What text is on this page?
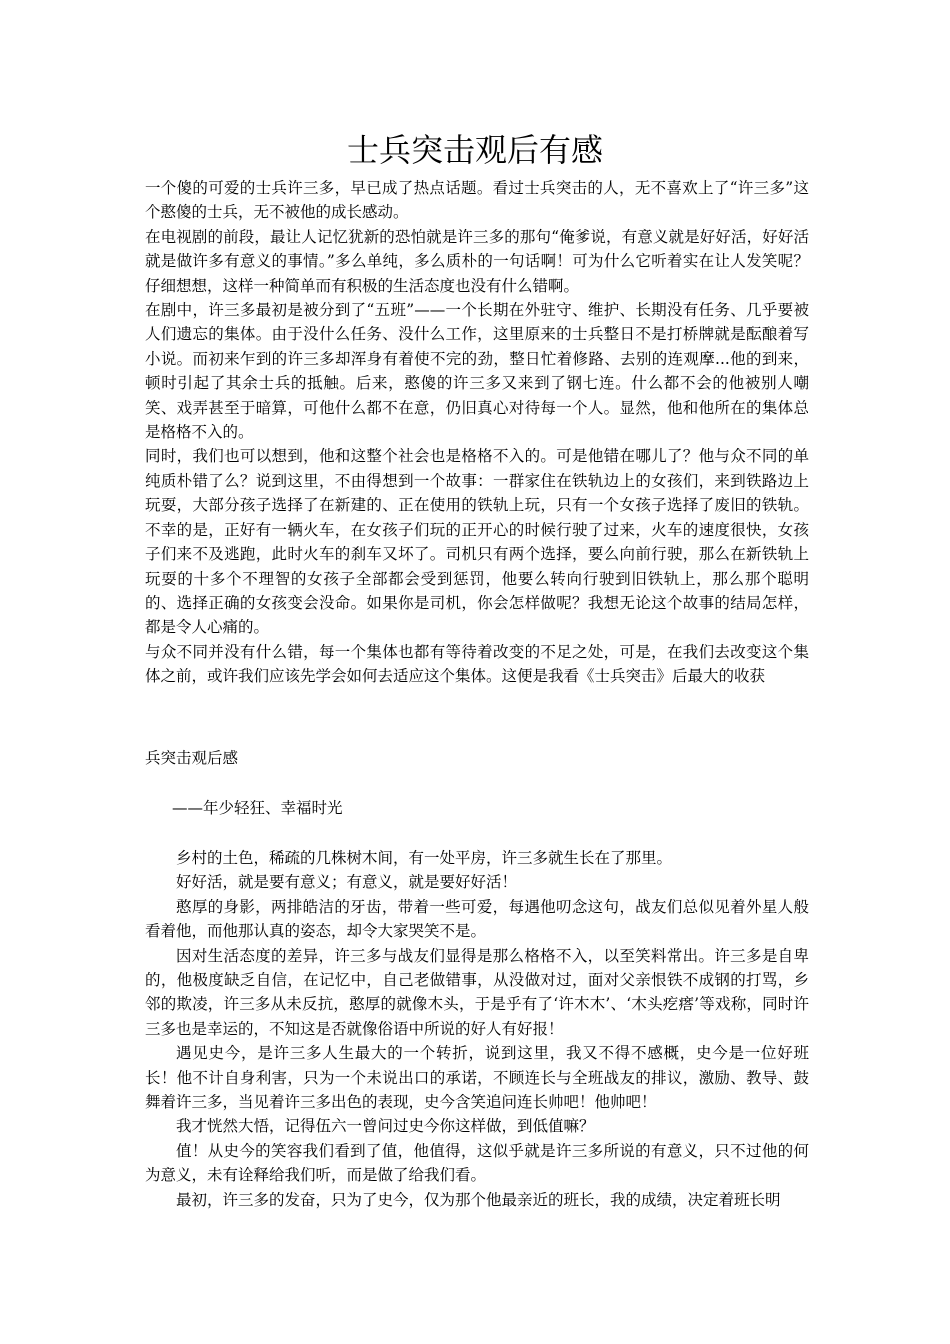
士兵突击观后有感

一个傻的可爱的士兵许三多，早已成了热点话题。看过士兵突击的人，无不喜欢上了“许三多”这个憨傻的士兵，无不被他的成长感动。

在电视剧的前段，最让人记忆犹新的恐怕就是许三多的那句“俺爹说，有意义就是好好活，好好活就是做许多有意义的事情。”多么单纯，多么质朴的一句话啊！可为什么它听着实在让人发笑呢？仔细想想，这样一种简单而有积极的生活态度也没有什么错啊。

在剧中，许三多最初是被分到了“五班”——一个长期在外驻守、维护、长期没有任务、几乎要被人们遗忘的集体。由于没什么任务、没什么工作，这里原来的士兵整日不是打桥牌就是酝酿着写小说。而初来乍到的许三多却浑身有着使不完的劲，整日忙着修路、去别的连观摩...他的到来，顿时引起了其余士兵的抵触。后来，憨傻的许三多又来到了钢七连。什么都不会的他被别人嘲笑、戏弄甚至于暗算，可他什么都不在意，仍旧真心对待每一个人。显然，他和他所在的集体总是格格不入的。

同时，我们也可以想到，他和这整个社会也是格格不入的。可是他错在哪儿了？他与众不同的单纯质朴错了么？说到这里，不由得想到一个故事：一群家住在铁轨边上的女孩们，来到铁路边上玩耍，大部分孩子选择了在新建的、正在使用的铁轨上玩，只有一个女孩子选择了废旧的铁轨。不幸的是，正好有一辆火车，在女孩子们玩的正开心的时候行驶了过来，火车的速度很快，女孩子们来不及逃跑，此时火车的刹车又坏了。司机只有两个选择，要么向前行驶，那么在新铁轨上玩耍的十多个不理智的女孩子全部都会受到惩罚，他要么转向行驶到旧铁轨上，那么那个聪明的、选择正确的女孩变会没命。如果你是司机，你会怎样做呢？我想无论这个故事的结局怎样，都是令人心痛的。

与众不同并没有什么错，每一个集体也都有等待着改变的不足之处，可是，在我们去改变这个集体之前，或许我们应该先学会如何去适应这个集体。这便是我看《士兵突击》后最大的收获

兵突击观后感
——年少轻狂、幸福时光

乡村的土色，稀疏的几株树木间，有一处平房，许三多就生长在了那里。

好好活，就是要有意义；有意义，就是要好好活！

憨厚的身影，两排皓洁的牙齿，带着一些可爱，每遇他叨念这句，战友们总似见着外星人般看着他，而他那认真的姿态，却令大家哭笑不是。

因对生活态度的差异，许三多与战友们显得是那么格格不入，以至笑料常出。许三多是自卑的，他极度缺乏自信，在记忆中，自己老做错事，从没做对过，面对父亲恨铁不成钢的打骂，乡邻的欺凌，许三多从未反抗，憨厚的就像木头，于是乎有了‘许木木’、‘木头疙瘩’等戏称，同时许三多也是幸运的，不知这是否就像俗语中所说的好人有好报！

遇见史今，是许三多人生最大的一个转折，说到这里，我又不得不感概，史今是一位好班长！他不计自身利害，只为一个未说出口的承诺，不顾连长与全班战友的排议，激励、教导、鼓舞着许三多，当见着许三多出色的表现，史今含笑追问连长帅吧！他帅吧！

我才恍然大悟，记得伍六一曾问过史今你这样做，到低值嘛？

值！从史今的笑容我们看到了值，他值得，这似乎就是许三多所说的有意义，只不过他的何为意义，未有诠释给我们听，而是做了给我们看。

最初，许三多的发奋，只为了史今，仅为那个他最亲近的班长，我的成绩，决定着班长明
